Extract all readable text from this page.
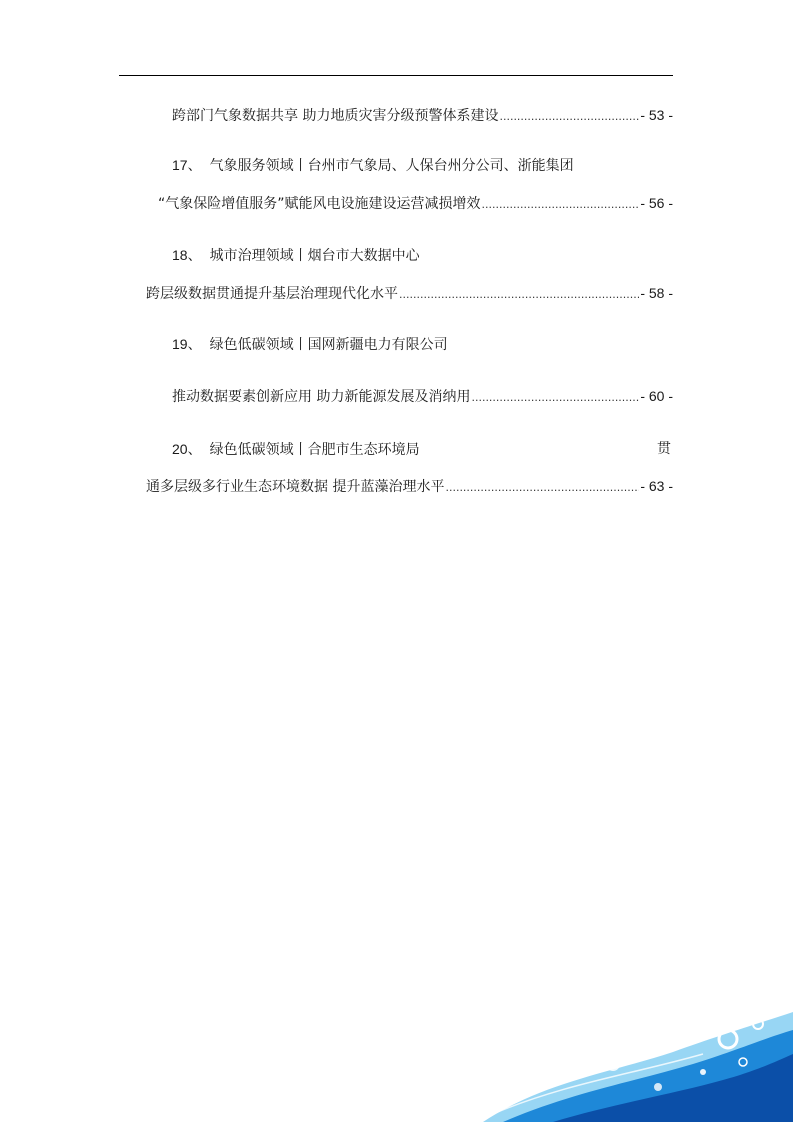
跨部门气象数据共享 助力地质灾害分级预警体系建设 .....	- 53 -
17、 气象服务领域丨台州市气象局、人保台州分公司、浙能集团
“气象保险增值服务”赋能风电设施建设运营减损增效 .....	- 56 -
18、 城市治理领域丨烟台市大数据中心
跨层级数据贯通提升基层治理现代化水平 .....	- 58 -
19、 绿色低碳领域丨国网新疆电力有限公司
推动数据要素创新应用 助力新能源发展及消纳用 .....	- 60 -
20、 绿色低碳领域丨合肥市生态环境局	贯
通多层级多行业生态环境数据 提升蓝藻治理水平 .....	- 63 -
